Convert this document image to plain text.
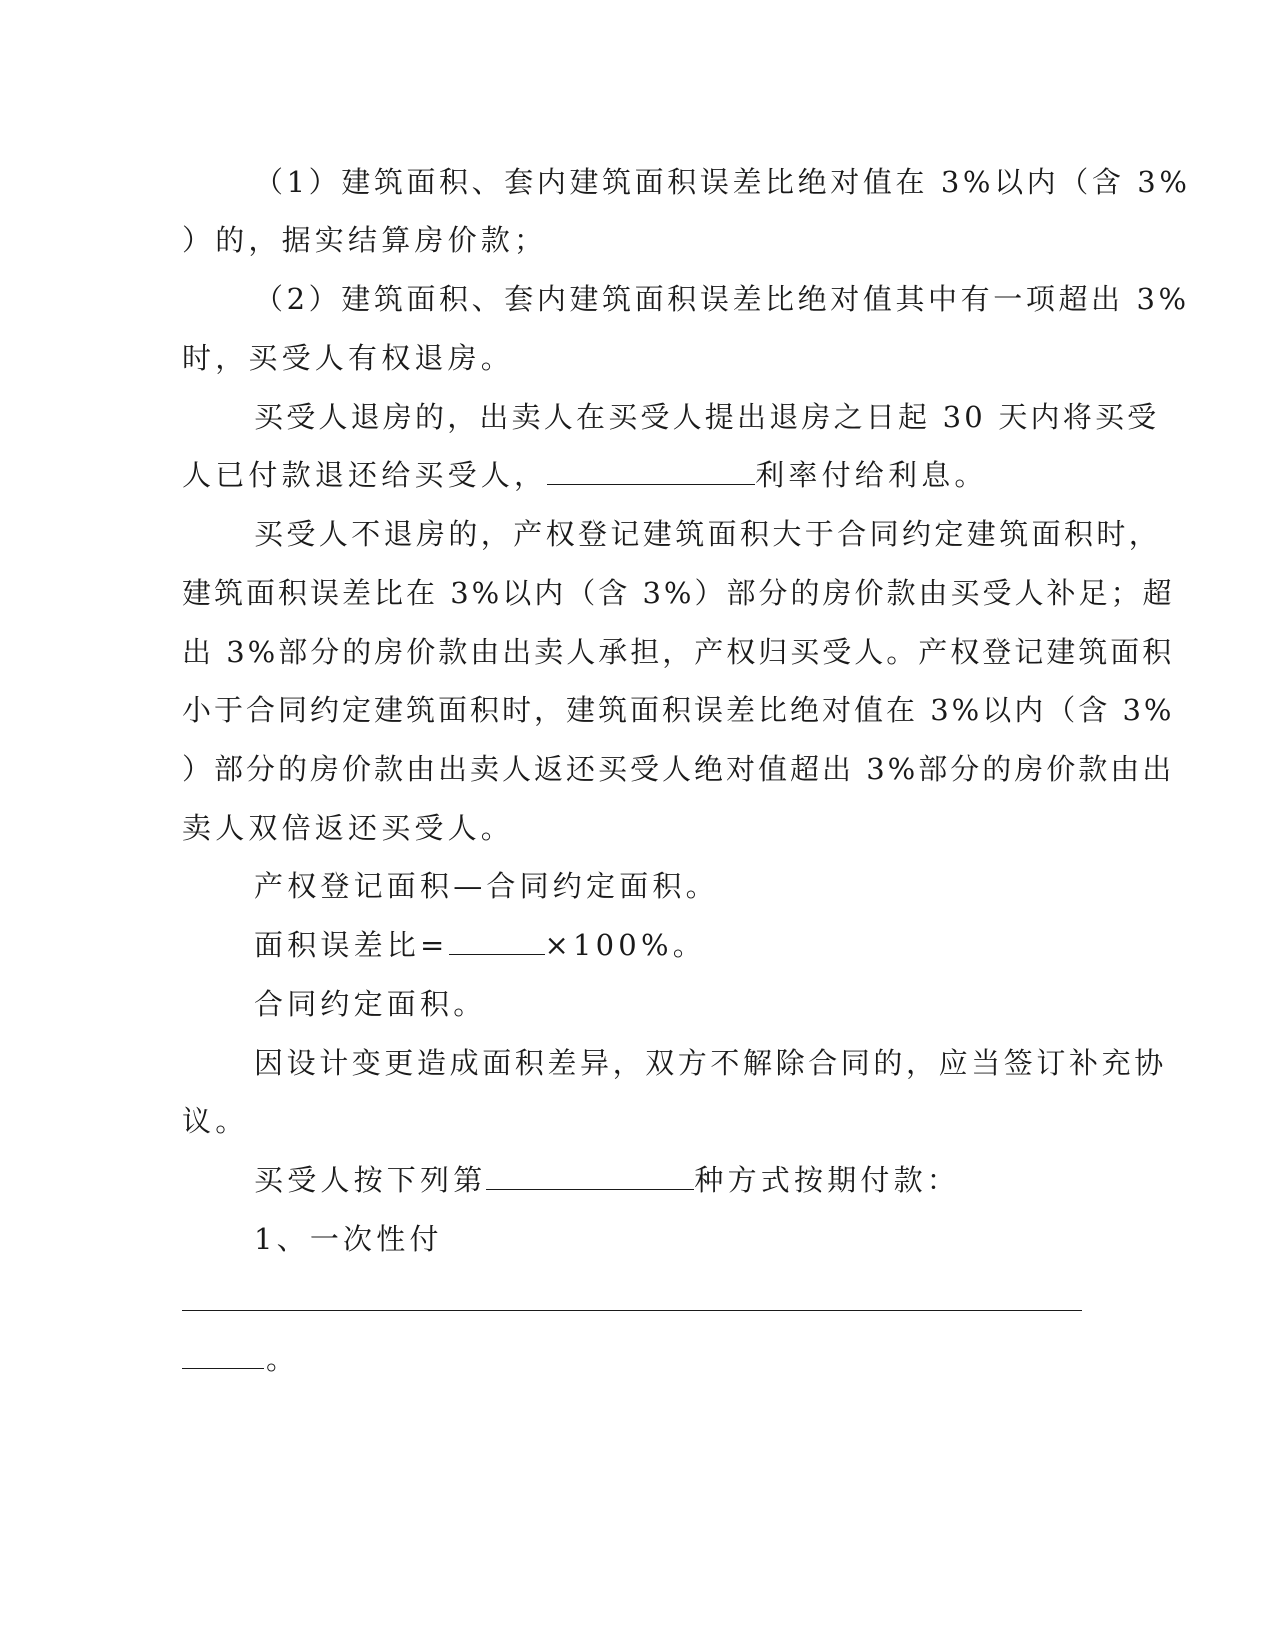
（1）建筑面积、套内建筑面积误差比绝对值在 3%以内（含 3%
）的，据实结算房价款；
（2）建筑面积、套内建筑面积误差比绝对值其中有一项超出 3%
时，买受人有权退房。
买受人退房的，出卖人在买受人提出退房之日起 30 天内将买受
人已付款退还给买受人，	利率付给利息。
买受人不退房的，产权登记建筑面积大于合同约定建筑面积时，
建筑面积误差比在 3%以内（含 3%）部分的房价款由买受人补足；超
出 3%部分的房价款由出卖人承担，产权归买受人。产权登记建筑面积
小于合同约定建筑面积时，建筑面积误差比绝对值在 3%以内（含 3%
）部分的房价款由出卖人返还买受人绝对值超出 3%部分的房价款由出
卖人双倍返还买受人。
产权登记面积—合同约定面积。
面积误差比=	×100%。
合同约定面积。
因设计变更造成面积差异，双方不解除合同的，应当签订补充协
议。
买受人按下列第	种方式按期付款：
1、一次性付
。
